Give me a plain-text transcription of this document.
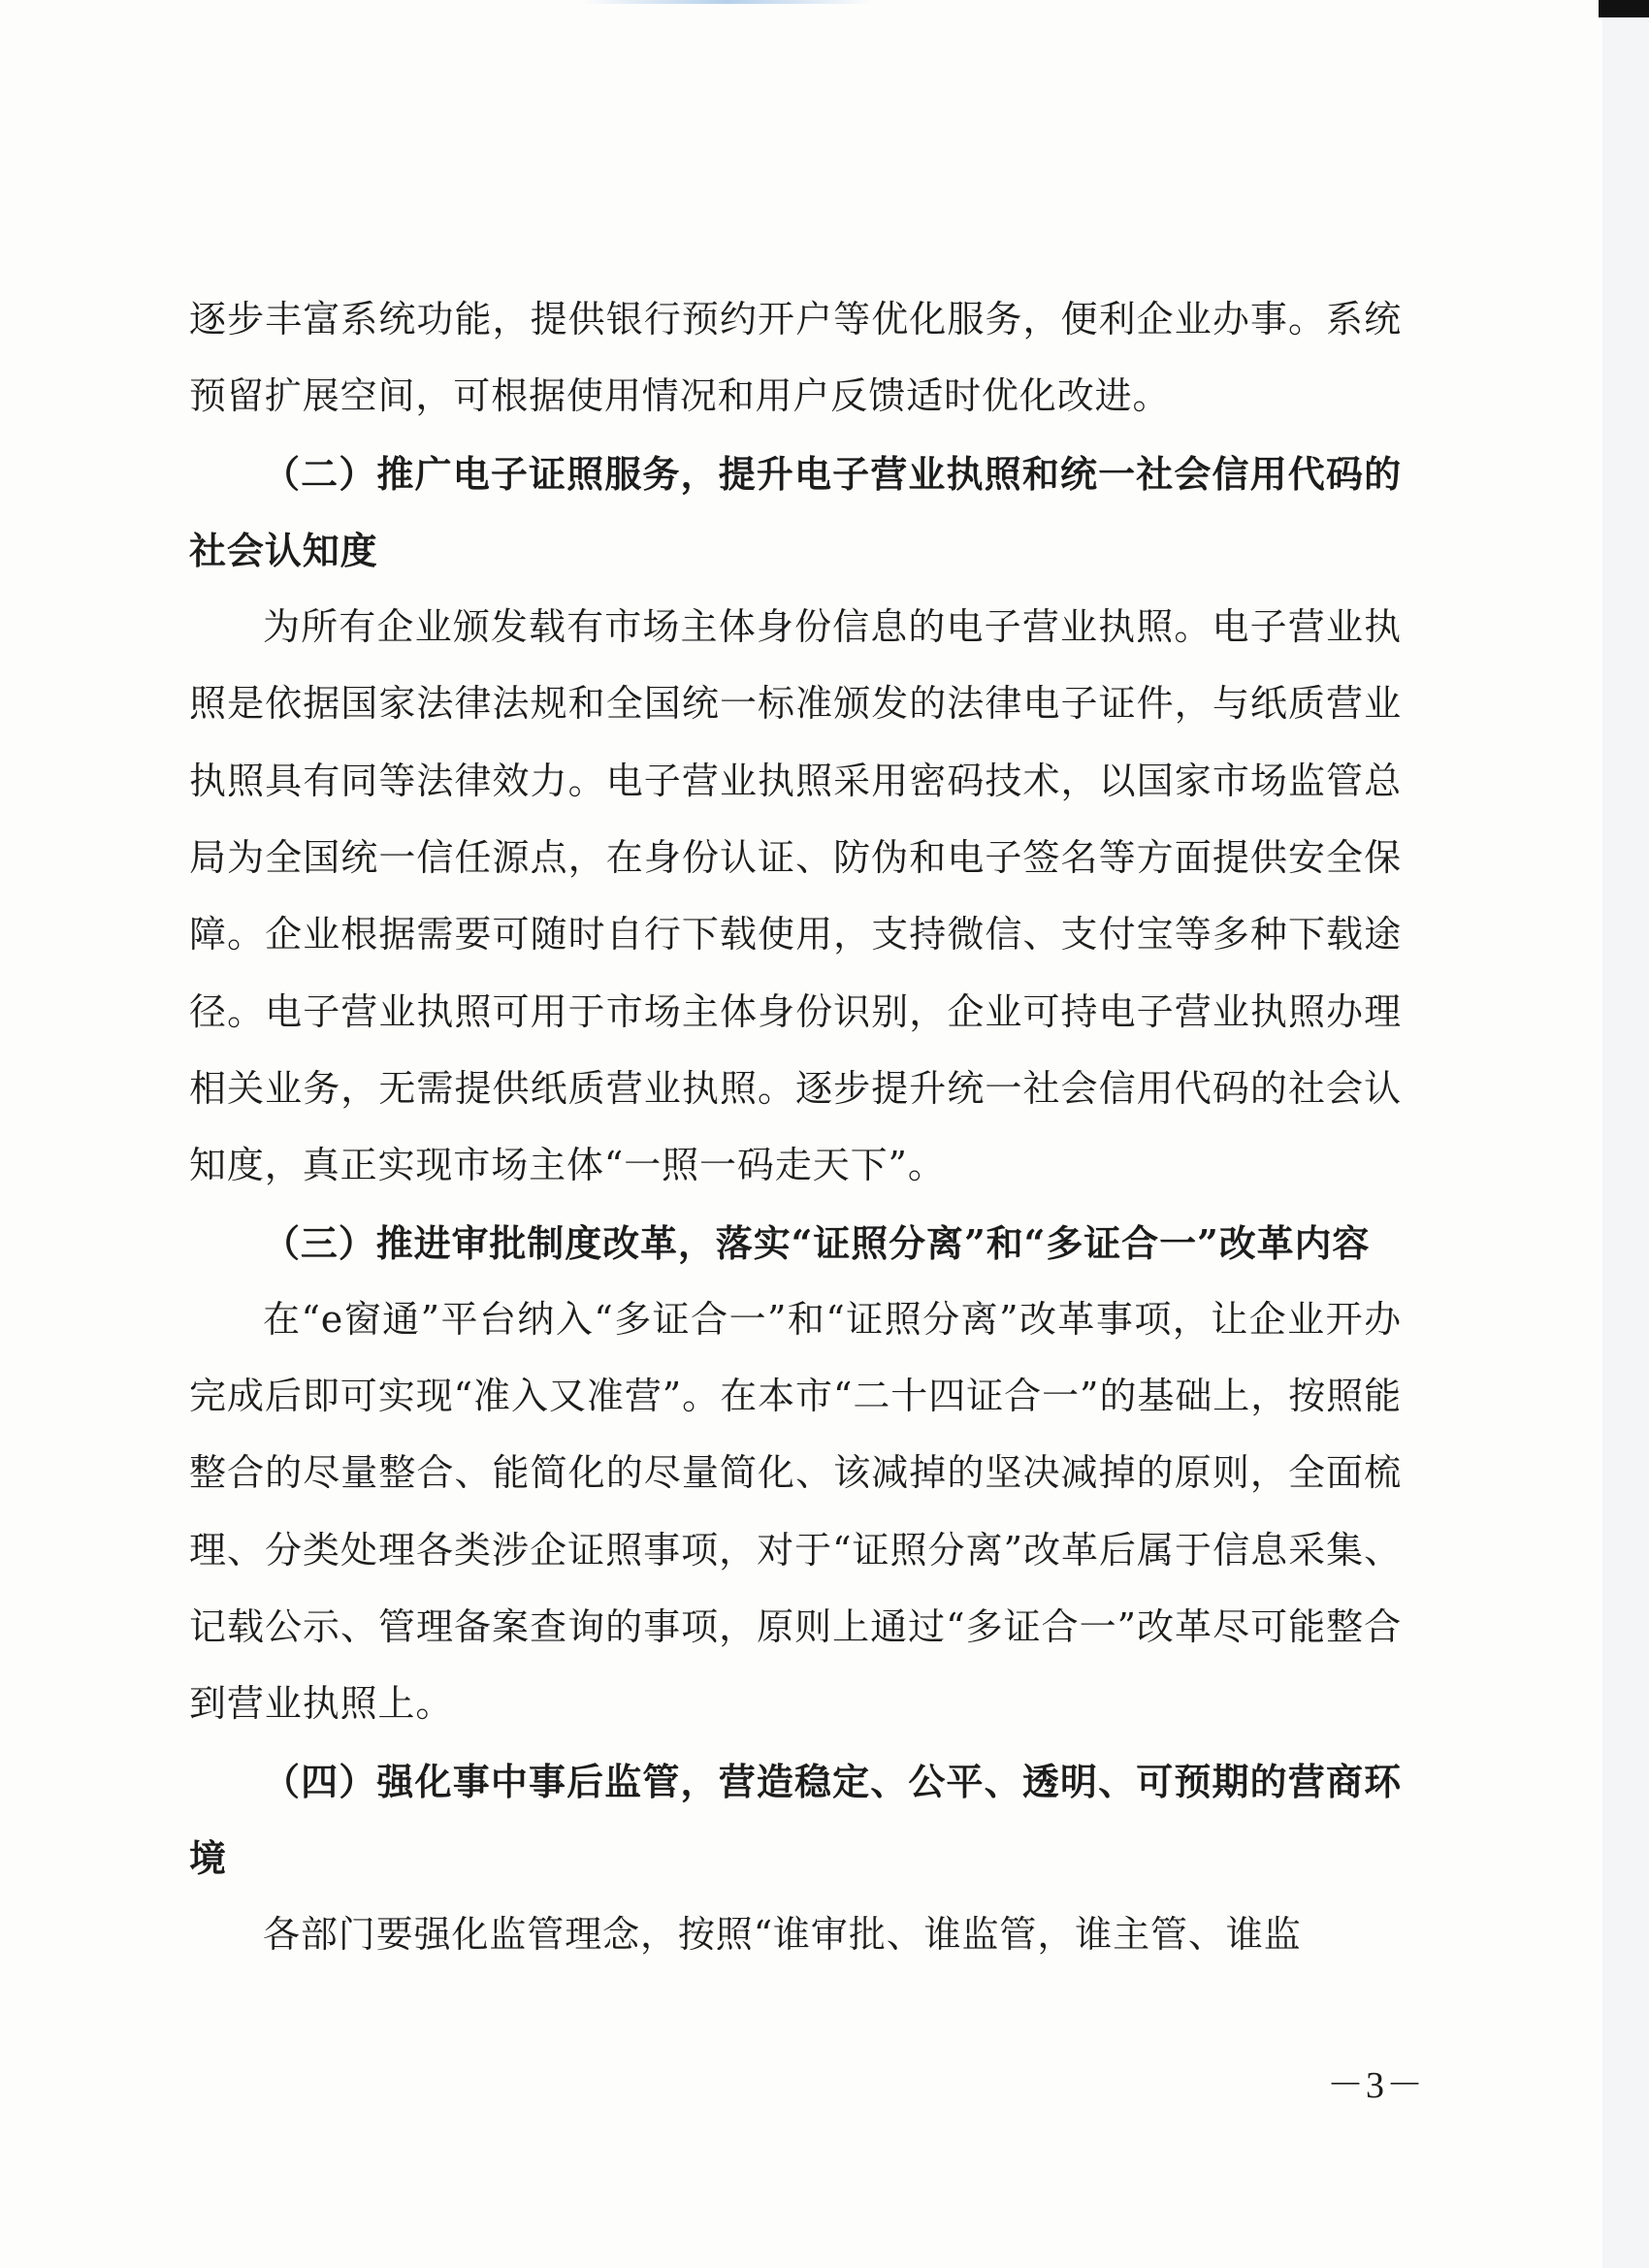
逐步丰富系统功能，提供银行预约开户等优化服务，便利企业办事。系统预留扩展空间，可根据使用情况和用户反馈适时优化改进。

（二）推广电子证照服务，提升电子营业执照和统一社会信用代码的社会认知度

为所有企业颁发载有市场主体身份信息的电子营业执照。电子营业执照是依据国家法律法规和全国统一标准颁发的法律电子证件，与纸质营业执照具有同等法律效力。电子营业执照采用密码技术，以国家市场监管总局为全国统一信任源点，在身份认证、防伪和电子签名等方面提供安全保障。企业根据需要可随时自行下载使用，支持微信、支付宝等多种下载途径。电子营业执照可用于市场主体身份识别，企业可持电子营业执照办理相关业务，无需提供纸质营业执照。逐步提升统一社会信用代码的社会认知度，真正实现市场主体“一照一码走天下”。

（三）推进审批制度改革，落实“证照分离”和“多证合一”改革内容

在“e窗通”平台纳入“多证合一”和“证照分离”改革事项，让企业开办完成后即可实现“准入又准营”。在本市“二十四证合一”的基础上，按照能整合的尽量整合、能简化的尽量简化、该减掉的坚决减掉的原则，全面梳理、分类处理各类涉企证照事项，对于“证照分离”改革后属于信息采集、记载公示、管理备案查询的事项，原则上通过“多证合一”改革尽可能整合到营业执照上。

（四）强化事中事后监管，营造稳定、公平、透明、可预期的营商环境

各部门要强化监管理念，按照“谁审批、谁监管，谁主管、谁监

－3－
